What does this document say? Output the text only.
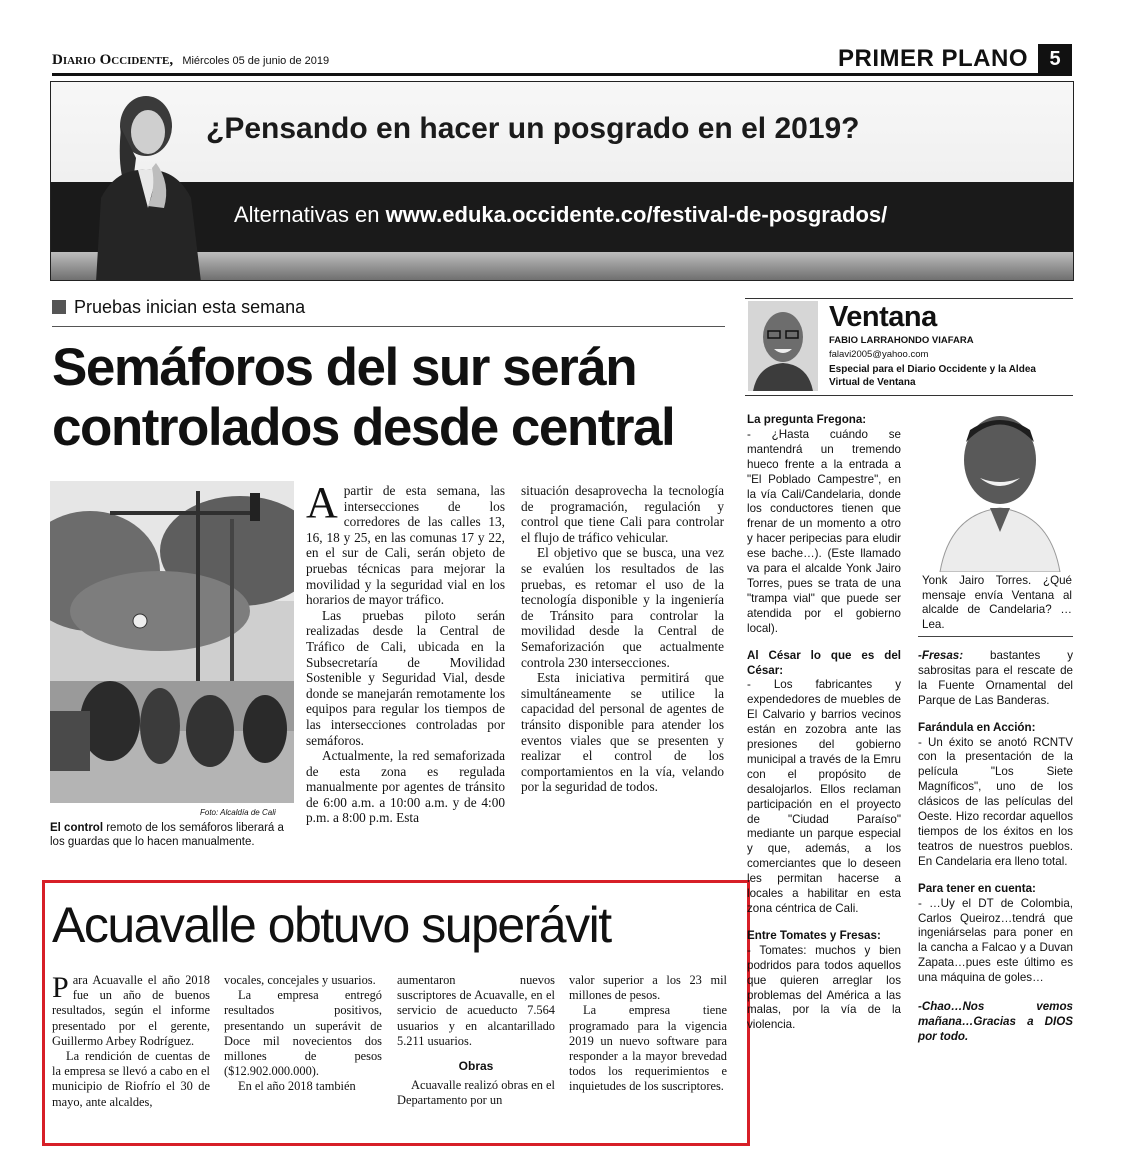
Diario Occidente, Miércoles 05 de junio de 2019	PRIMER PLANO	5
¿Pensando en hacer un posgrado en el 2019?
Alternativas en www.eduka.occidente.co/festival-de-posgrados/
Pruebas inician esta semana
Semáforos del sur serán controlados desde central
Foto: Alcaldía de Cali
El control remoto de los semáforos liberará a los guardas que lo hacen manualmente.

Apartir de esta semana, las intersecciones de los corredores de las calles 13, 16, 18 y 25, en las comunas 17 y 22, en el sur de Cali, serán objeto de pruebas técnicas para mejorar la movilidad y la seguridad vial en los horarios de mayor tráfico.

Las pruebas piloto serán realizadas desde la Central de Tráfico de Cali, ubicada en la Subsecretaría de Movilidad Sostenible y Seguridad Vial, desde donde se manejarán remotamente los equipos para regular los tiempos de las intersecciones controladas por semáforos.

Actualmente, la red semaforizada de esta zona es regulada manualmente por agentes de tránsito de 6:00 a.m. a 10:00 a.m. y de 4:00 p.m. a 8:00 p.m. Esta

situación desaprovecha la tecnología de programación, regulación y control que tiene Cali para controlar el flujo de tráfico vehicular.

El objetivo que se busca, una vez se evalúen los resultados de las pruebas, es retomar el uso de la tecnología disponible y la ingeniería de Tránsito para controlar la movilidad desde la Central de Semaforización que actualmente controla 230 intersecciones.

Esta iniciativa permitirá que simultáneamente se utilice la capacidad del personal de agentes de tránsito disponible para atender los eventos viales que se presenten y realizar el control de los comportamientos en la vía, velando por la seguridad de todos.

Acuavalle obtuvo superávit

Para Acuavalle el año 2018 fue un año de buenos resultados, según el informe presentado por el gerente, Guillermo Arbey Rodríguez.

La rendición de cuentas de la empresa se llevó a cabo en el municipio de Riofrío el 30 de mayo, ante alcaldes,

vocales, concejales y usuarios.

La empresa entregó resultados positivos, presentando un superávit de Doce mil novecientos dos millones de pesos ($12.902.000.000).

En el año 2018 también

aumentaron nuevos suscriptores de Acuavalle, en el servicio de acueducto 7.564 usuarios y en alcantarillado 5.211 usuarios.

Obras

Acuavalle realizó obras en el Departamento por un

valor superior a los 23 mil millones de pesos.

La empresa tiene programado para la vigencia 2019 un nuevo software para responder a la mayor brevedad todos los requerimientos e inquietudes de los suscriptores.

Ventana
FABIO LARRAHONDO VIAFARA
falavi2005@yahoo.com
Especial para el Diario Occidente y la Aldea Virtual de Ventana
La pregunta Fregona:

- ¿Hasta cuándo se mantendrá un tremendo hueco frente a la entrada a "El Poblado Campestre", en la vía Cali/Candelaria, donde los conductores tienen que frenar de un momento a otro y hacer peripecias para eludir ese bache…). (Este llamado va para el alcalde Yonk Jairo Torres, pues se trata de una "trampa vial" que puede ser atendida por el gobierno local).

Al César lo que es del César:

- Los fabricantes y expendedores de muebles de El Calvario y barrios vecinos están en zozobra ante las presiones del gobierno municipal a través de la Emru con el propósito de desalojarlos. Ellos reclaman participación en el proyecto de "Ciudad Paraíso" mediante un parque especial y que, además, a los comerciantes que lo deseen les permitan hacerse a locales a habilitar en esta zona céntrica de Cali.

Entre Tomates y Fresas:

- Tomates: muchos y bien podridos para todos aquellos que quieren arreglar los problemas del América a las malas, por la vía de la violencia.

Yonk Jairo Torres. ¿Qué mensaje envía Ventana al alcalde de Candelaria? …Lea.

-Fresas: bastantes y sabrositas para el rescate de la Fuente Ornamental del Parque de Las Banderas.

Farándula en Acción:

- Un éxito se anotó RCNTV con la presentación de la película "Los Siete Magníficos", uno de los clásicos de las películas del Oeste. Hizo recordar aquellos tiempos de los éxitos en los teatros de nuestros pueblos. En Candelaria era lleno total.

Para tener en cuenta:

- …Uy el DT de Colombia, Carlos Queiroz…tendrá que ingeniárselas para poner en la cancha a Falcao y a Duvan Zapata…pues este último es una máquina de goles…

-Chao…Nos vemos mañana…Gracias a DIOS por todo.
